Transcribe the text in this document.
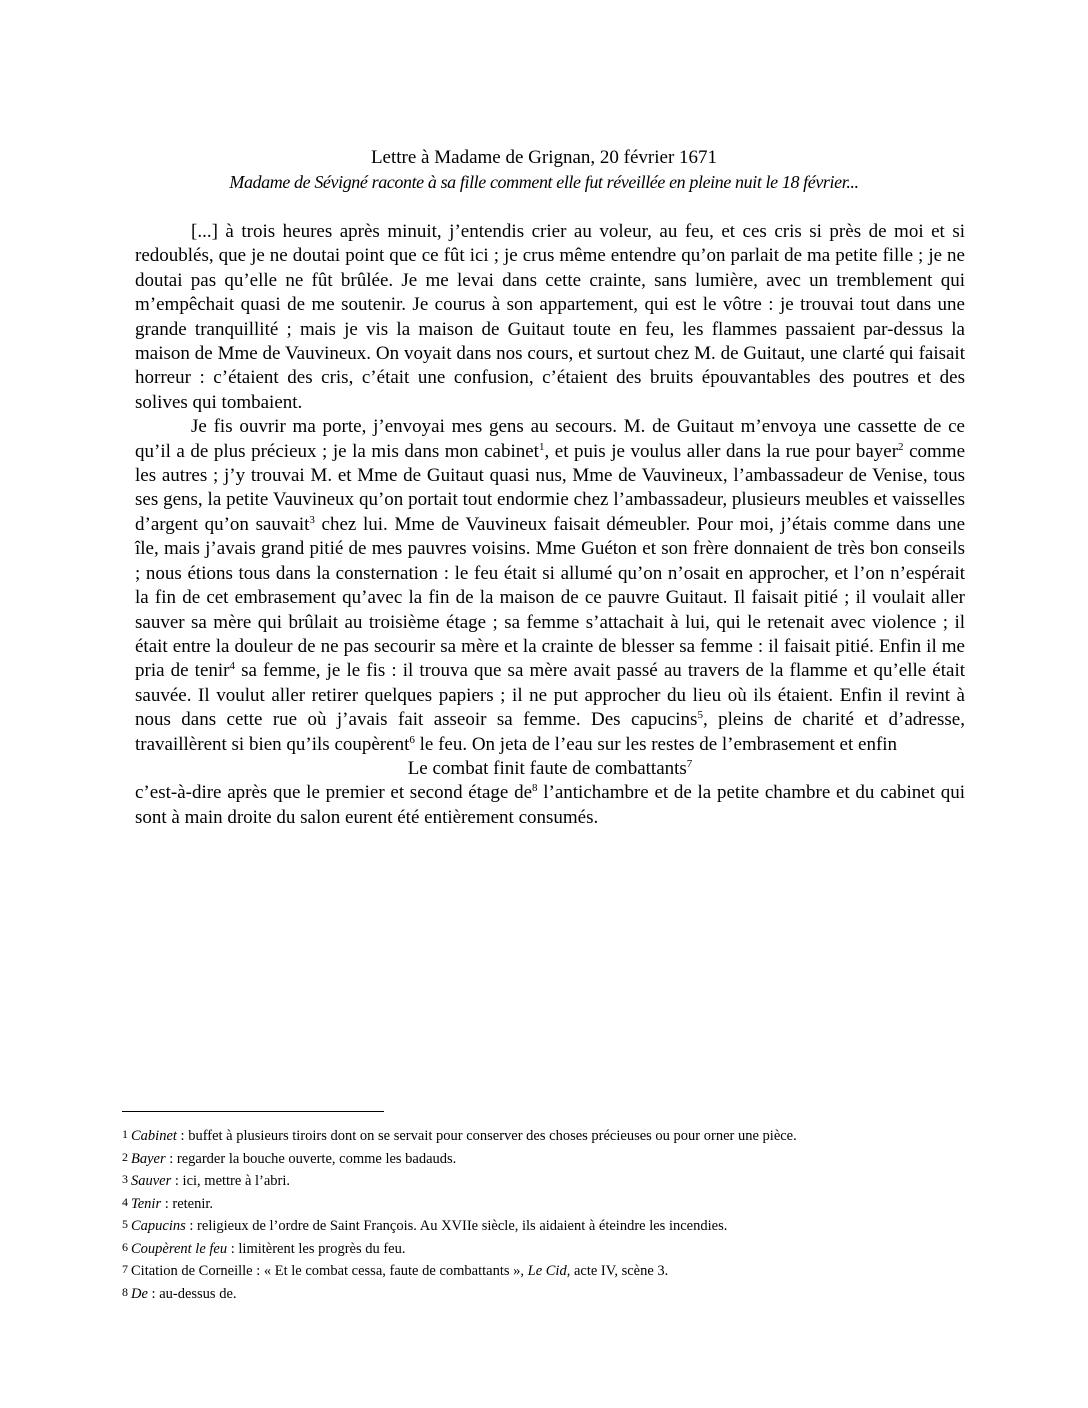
Lettre à Madame de Grignan, 20 février 1671
Madame de Sévigné raconte à sa fille comment elle fut réveillée en pleine nuit le 18 février...

[...] à trois heures après minuit, j’entendis crier au voleur, au feu, et ces cris si près de moi et si redoublés, que je ne doutai point que ce fût ici ; je crus même entendre qu’on parlait de ma petite fille ; je ne doutai pas qu’elle ne fût brûlée. Je me levai dans cette crainte, sans lumière, avec un tremblement qui m’empêchait quasi de me soutenir. Je courus à son appartement, qui est le vôtre : je trouvai tout dans une grande tranquillité ; mais je vis la maison de Guitaut toute en feu, les flammes passaient par-dessus la maison de Mme de Vauvineux. On voyait dans nos cours, et surtout chez M. de Guitaut, une clarté qui faisait horreur : c’étaient des cris, c’était une confusion, c’étaient des bruits épouvantables des poutres et des solives qui tombaient.

Je fis ouvrir ma porte, j’envoyai mes gens au secours. M. de Guitaut m’envoya une cassette de ce qu’il a de plus précieux ; je la mis dans mon cabinet$^1$, et puis je voulus aller dans la rue pour bayer$^2$ comme les autres ; j’y trouvai M. et Mme de Guitaut quasi nus, Mme de Vauvineux, l’ambassadeur de Venise, tous ses gens, la petite Vauvineux qu’on portait tout endormie chez l’ambassadeur, plusieurs meubles et vaisselles d’argent qu’on sauvait$^3$ chez lui. Mme de Vauvineux faisait démeubler. Pour moi, j’étais comme dans une île, mais j’avais grand pitié de mes pauvres voisins. Mme Guéton et son frère donnaient de très bon conseils ; nous étions tous dans la consternation : le feu était si allumé qu’on n’osait en approcher, et l’on n’espérait la fin de cet embrasement qu’avec la fin de la maison de ce pauvre Guitaut. Il faisait pitié ; il voulait aller sauver sa mère qui brûlait au troisième étage ; sa femme s’attachait à lui, qui le retenait avec violence ; il était entre la douleur de ne pas secourir sa mère et la crainte de blesser sa femme : il faisait pitié. Enfin il me pria de tenir$^4$ sa femme, je le fis : il trouva que sa mère avait passé au travers de la flamme et qu’elle était sauvée. Il voulut aller retirer quelques papiers ; il ne put approcher du lieu où ils étaient. Enfin il revint à nous dans cette rue où j’avais fait asseoir sa femme. Des capucins$^5$, pleins de charité et d’adresse, travaillèrent si bien qu’ils coupèrent$^6$ le feu. On jeta de l’eau sur les restes de l’embrasement et enfin

Le combat finit faute de combattants$^7$

c’est-à-dire après que le premier et second étage $de^8$ l’antichambre et de la petite chambre et du cabinet qui sont à main droite du salon eurent été entièrement consumés.

1 Cabinet : buffet à plusieurs tiroirs dont on se servait pour conserver des choses précieuses ou pour orner une pièce.

2 Bayer : regarder la bouche ouverte, comme les badauds.

3 Sauver : ici, mettre à l’abri.

4 Tenir : retenir.

5 Capucins : religieux de l’ordre de Saint François. Au XVIIe siècle, ils aidaient à éteindre les incendies.

6 Coupèrent le feu : limitèrent les progrès du feu.

7 Citation de Corneille : « Et le combat cessa, faute de combattants », Le Cid, acte IV, scène 3.

8 De : au-dessus de.
